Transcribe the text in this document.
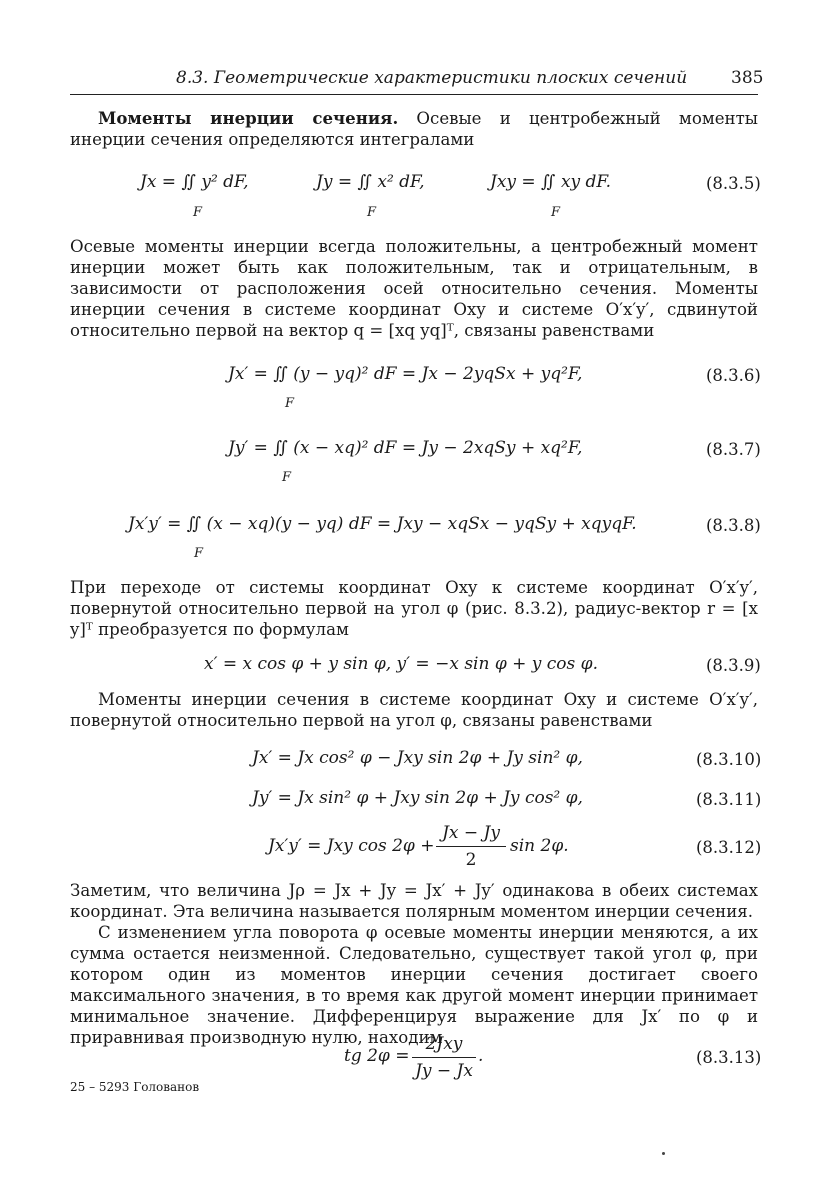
8.3. Геометрические характеристики плоских сечений	385
Моменты инерции сечения. Осевые и центробежный моменты инерции сечения определяются интегралами
Jx = ∬ y² dF,	Jy = ∬ x² dF,	Jxy = ∬ xy dF.
F	F	F
(8.3.5)
Осевые моменты инерции всегда положительны, а центробежный момент инерции может быть как положительным, так и отрицательным, в зависимости от расположения осей относительно сечения. Моменты инерции сечения в системе координат Oxy и системе O′x′y′, сдвинутой относительно первой на вектор q = [xq yq]ᵀ, связаны равенствами
Jx′ = ∬ (y − yq)² dF = Jx − 2yqSx + yq²F,
F
(8.3.6)
Jy′ = ∬ (x − xq)² dF = Jy − 2xqSy + xq²F,
F
(8.3.7)
Jx′y′ = ∬ (x − xq)(y − yq) dF = Jxy − xqSx − yqSy + xqyqF.
F
(8.3.8)
При переходе от системы координат Oxy к системе координат O′x′y′, повернутой относительно первой на угол φ (рис. 8.3.2), радиус-вектор r = [x y]ᵀ преобразуется по формулам
x′ = x cos φ + y sin φ, y′ = −x sin φ + y cos φ.	(8.3.9)
Моменты инерции сечения в системе координат Oxy и системе O′x′y′, повернутой относительно первой на угол φ, связаны равенствами
Jx′ = Jx cos² φ − Jxy sin 2φ + Jy sin² φ,	(8.3.10)
Jy′ = Jx sin² φ + Jxy sin 2φ + Jy cos² φ,	(8.3.11)
Jx′y′ = Jxy cos 2φ +
Jx − Jy
2
sin 2φ.	(8.3.12)
Заметим, что величина Jρ = Jx + Jy = Jx′ + Jy′ одинакова в обеих системах координат. Эта величина называется полярным моментом инерции сечения.
С изменением угла поворота φ осевые моменты инерции меняются, а их сумма остается неизменной. Следовательно, существует такой угол φ, при котором один из моментов инерции сечения достигает своего максимального значения, в то время как другой момент инерции принимает минимальное значение. Дифференцируя выражение для Jx′ по φ и приравнивая производную нулю, находим
tg 2φ =
2Jxy
Jy − Jx
.	(8.3.13)
25 – 5293 Голованов
